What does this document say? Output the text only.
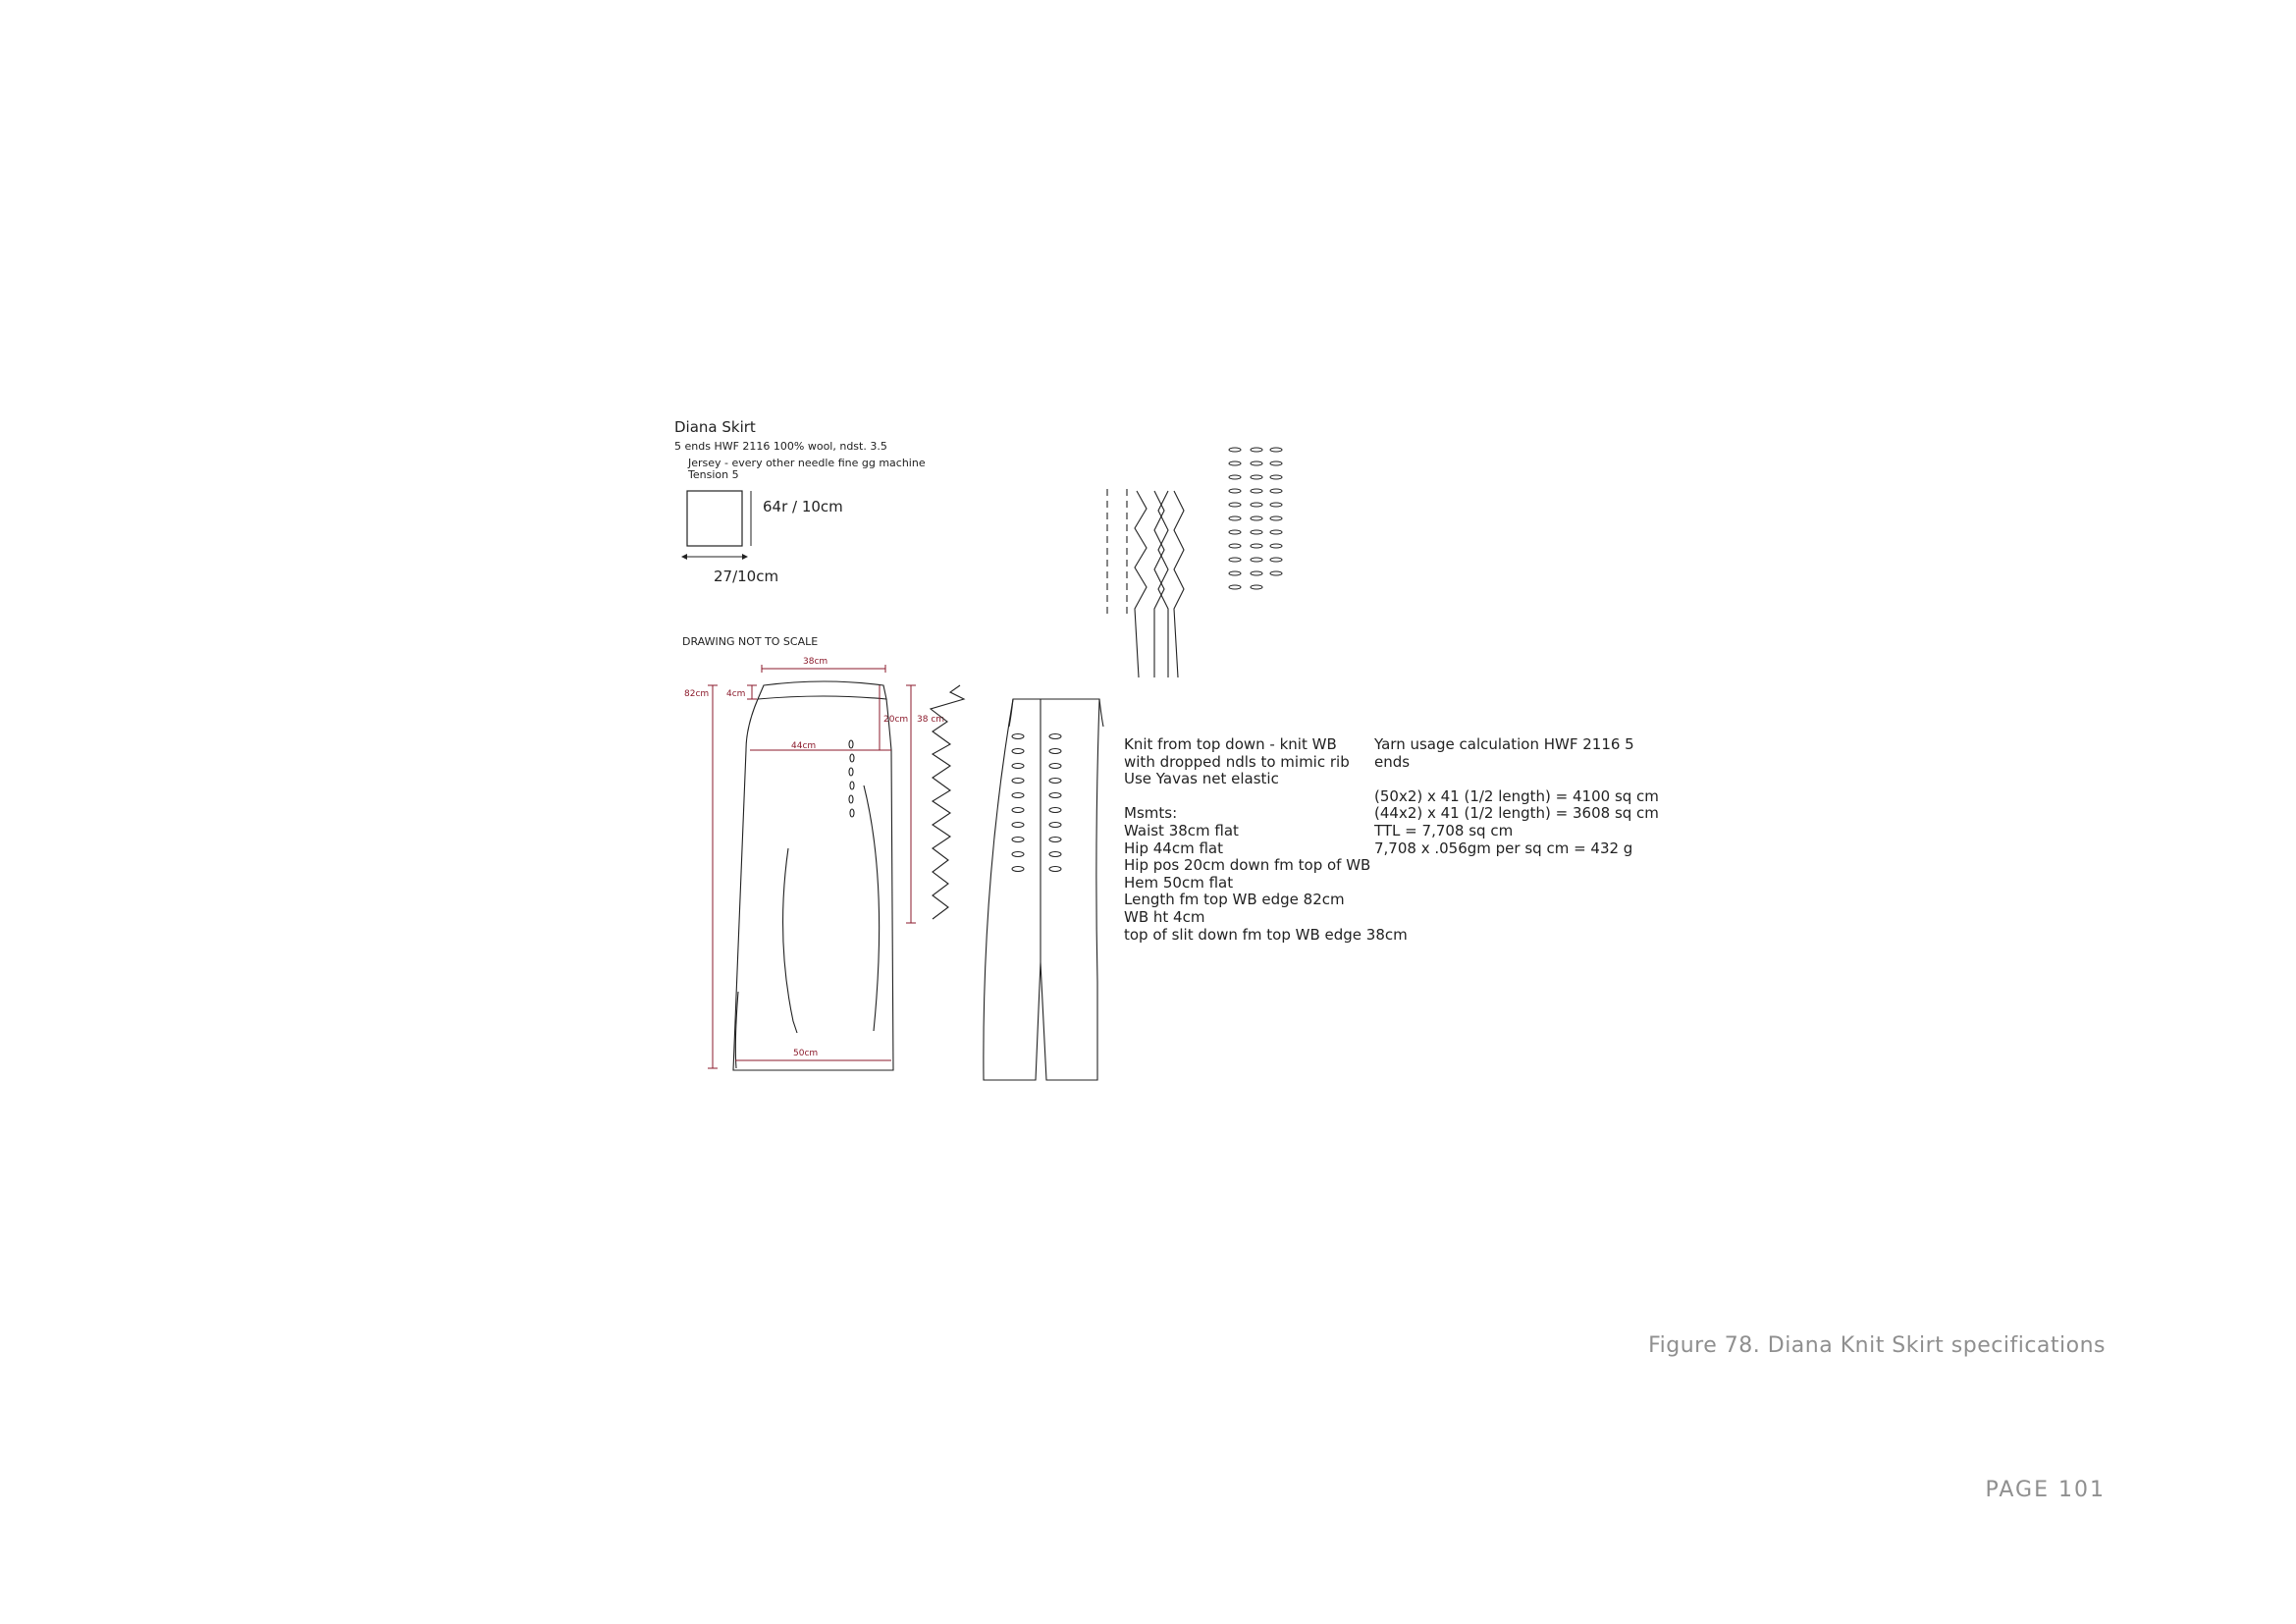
Diana Skirt
5 ends HWF 2116 100% wool, ndst. 3.5
Jersey - every other needle fine gg machine
Tension 5
64r / 10cm
27/10cm
DRAWING NOT TO SCALE
38cm
82cm 4cm
44cm
20cm 38 cm
50cm
Knit from top down - knit WB
with dropped ndls to mimic rib
Use Yavas net elastic
Msmts:
Waist 38cm flat
Hip 44cm flat
Hip pos 20cm down fm top of WB
Hem 50cm flat
Length fm top WB edge 82cm
WB ht 4cm
top of slit down fm top WB edge 38cm
Yarn usage calculation HWF 2116 5
ends
(50x2) x 41 (1/2 length) = 4100 sq cm
(44x2) x 41 (1/2 length) = 3608 sq cm
TTL = 7,708 sq cm
7,708 x .056gm per sq cm = 432 g
Figure 78. Diana Knit Skirt specifications
PAGE 101
